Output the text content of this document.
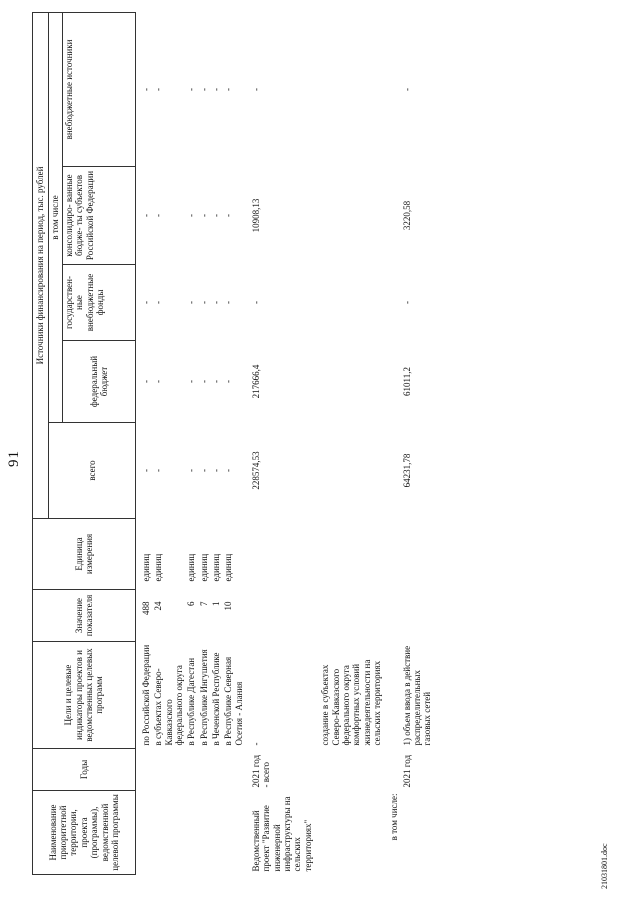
91
Наименование приоритетной территории, проекта (программы), ведомственной целевой программы	Годы	Цели и целевые индикаторы проектов и ведомственных целевых программ	Значение показателя	Единица измерения	Источники финансирования на период, тыс. рублей				
					всего	в том числе			
						федеральный бюджет	государствен- ные внебюджетные фонды	консолидиро- ванные бюдже- ты субъектов Российской Федерации	внебюджетные источники

		по Российской Федерации	488	единиц	-	-	-	-	-
		в субъектах Северо-Кавказского федерального округа	24	единиц	-	-	-	-	-
		в Республике Дагестан	6	единиц	-	-	-	-	-
		в Республике Ингушетия	7	единиц	-	-	-	-	-
		в Чеченской Республике	1	единиц	-	-	-	-	-
		в Республике Северная Осетия - Алания	10	единиц	-	-	-	-	-
Ведомственный проект "Развитие инженерной инфраструктуры на сельских территориях"	2021 год - всего	-			228574,53	217666,4	-	10908,13	-
		создание в субъектах Северо-Кавказского федерального округа комфортных условий жизнедеятельности на сельских территориях							
в том числе:									
	2021 год	1) объем ввода в действие распределительных газовых сетей			64231,78	61011,2	-	3220,58	-
21031801.doc
